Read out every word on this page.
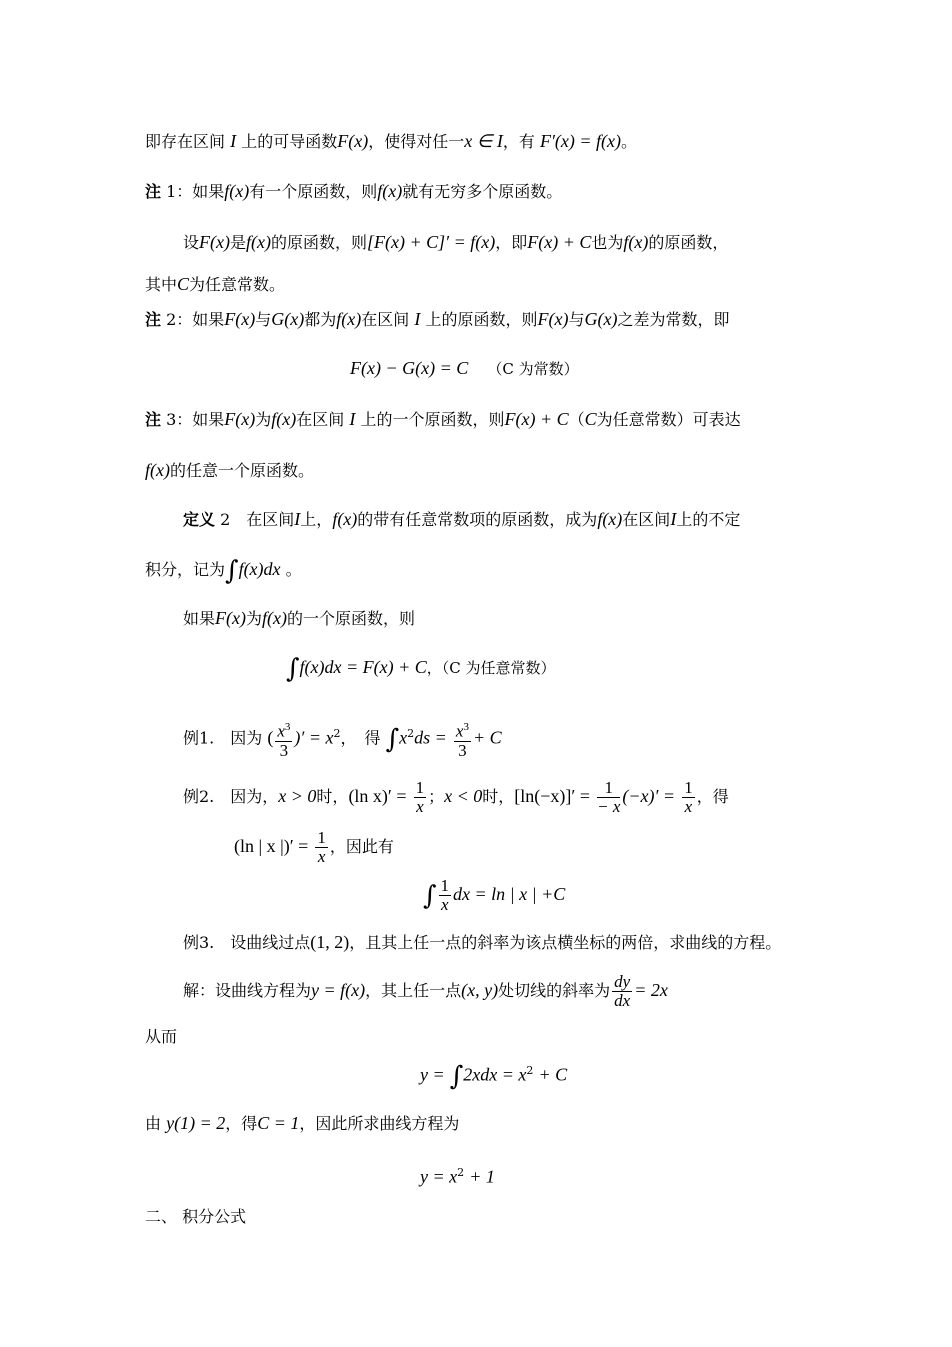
即存在区间 I 上的可导函数F(x)，使得对任一x ∈ I，有 F′(x) = f(x)。
注 1：如果f(x)有一个原函数，则f(x)就有无穷多个原函数。
设F(x)是f(x)的原函数，则[F(x) + C]′ = f(x)，即F(x) + C也为f(x)的原函数，
其中C为任意常数。
注 2：如果F(x)与G(x)都为f(x)在区间 I 上的原函数，则F(x)与G(x)之差为常数，即
F(x) − G(x) = C （C 为常数）
注 3：如果F(x)为f(x)在区间 I 上的一个原函数，则F(x) + C（C为任意常数）可表达
f(x)的任意一个原函数。
定义 2　在区间I上，f(x)的带有任意常数项的原函数，成为f(x)在区间I上的不定
积分，记为∫f(x)dx 。
如果F(x)为f(x)的一个原函数，则
∫f(x)dx = F(x) + C，（C 为任意常数）
例1.　因为 ( $\frac{x^3}{3}$ )′ = $x^2$，　得 $\int x^2ds = \frac{x^3}{3} + C$
例2.　因为，x > 0时，(ln $x)' = \frac{1}{x}$ ；x < 0时，$[\ln(-x)]' = \frac{1}{- x} (-x)' = \frac{1}{x}$ ，得
(ln | x |)′ = $\frac{1}{x}$ ，因此有
∫ $\frac{1}{x}$ dx = ln | x | +C
例3.　设曲线过点(1, 2)，且其上任一点的斜率为该点横坐标的两倍，求曲线的方程。
解：设曲线方程为y = f(x)，其上任一点(x, y)处切线的斜率为 $\frac{dy}{dx} = 2x$
从而
$y = \int 2xdx = x^2 + C$
由 y(1) = 2，得C = 1，因此所求曲线方程为
$y = x^2 + 1$
二、 积分公式
